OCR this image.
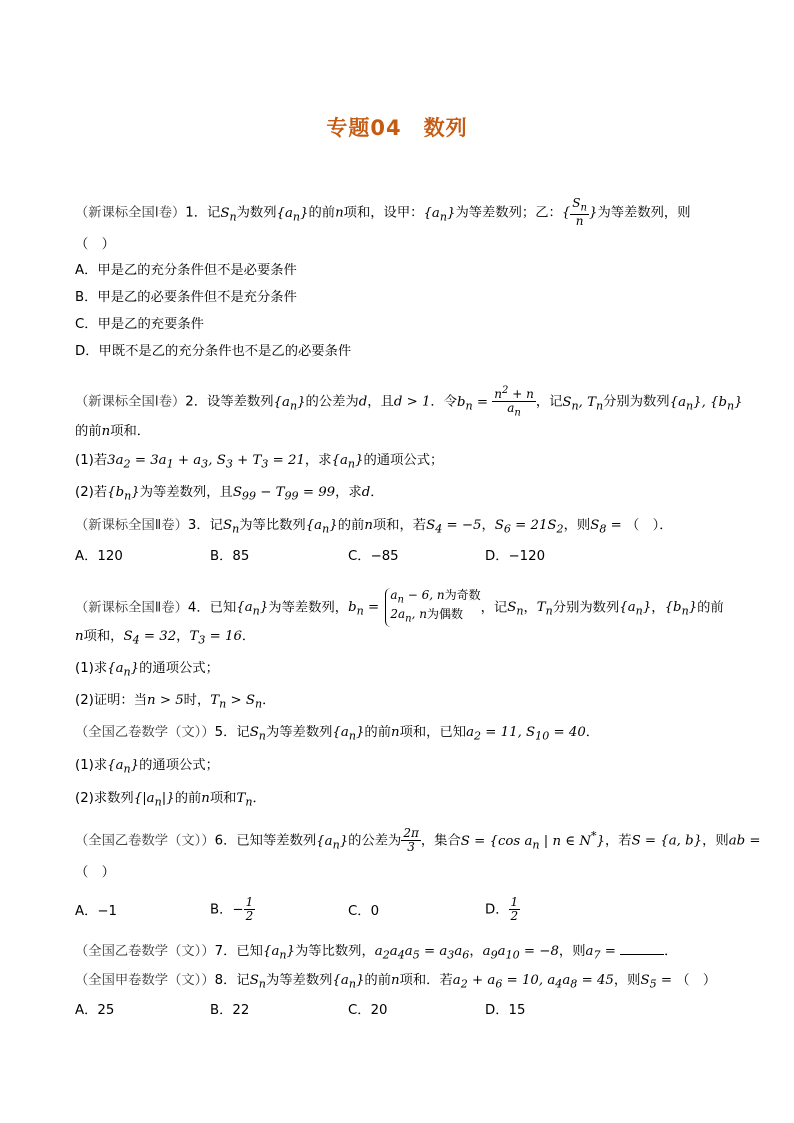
专题04　数列
（新课标全国Ⅰ卷）1．记$S_n$为数列$\{a_n\}$的前n项和，设甲：$\{a_n\}$为等差数列；乙：{ $\frac{S_n}{n}$ }为等差数列，则
（　）
A．甲是乙的充分条件但不是必要条件
B．甲是乙的必要条件但不是充分条件
C．甲是乙的充要条件
D．甲既不是乙的充分条件也不是乙的必要条件
（新课标全国Ⅰ卷）2．设等差数列$\{a_n\}$的公差为d，且d > 1．令$b_n = \frac{n^2 + n}{a_n}$ ，记$S_n$, $T_n$分别为数列$\{a_n\}$, $\{b_n\}$
的前n项和．
(1)若$3a_2 = 3a_1 + a_3$, $S_3 + T_3 = 21$，求$\{a_n\}$的通项公式；
(2)若$\{b_n\}$为等差数列，且$S_{99} - T_{99} = 99$，求d．
（新课标全国Ⅱ卷）3．记$S_n$为等比数列$\{a_n\}$的前n项和，若$S_4 = -5$，$S_6 = 21S_2$，则$S_8$ = （　）．
A．120	B．85	C．−85	D．−120
（新课标全国Ⅱ卷）4．已知$\{a_n\}$为等差数列，$b_n = a_n - 6$, n为奇数
$2a_n$, n为偶数 ，记$S_n$，$T_n$分别为数列$\{a_n\}$，$\{b_n\}$的前
n项和，$S_4 = 32$，$T_3 = 16$．
(1)求$\{a_n\}$的通项公式；
(2)证明：当n > 5时，$T_n > S_n$．
（全国乙卷数学（文））5．记$S_n$为等差数列$\{a_n\}$的前n项和，已知$a_2 = 11$, $S_{10} = 40$．
(1)求$\{a_n\}$的通项公式；
(2)求数列$\{|a_n|\}$的前n项和$T_n$．
（全国乙卷数学（文））6．已知等差数列$\{a_n\}$的公差为 $\frac{2\pi}{3}$ ，集合S = {cos $a_n$ | n ∈ N*}，若S = {a, b}，则ab =
（　）
A．−1	B．− $\frac{1}{2}$	C．0	D． $\frac{1}{2}$
（全国乙卷数学（文））7．已知$\{a_n\}$为等比数列，$a_2a_4a_5 = a_3a_6$，$a_9a_{10} = -8$，则$a_7$ =	．
（全国甲卷数学（文））8．记$S_n$为等差数列$\{a_n\}$的前n项和．若$a_2 + a_6 = 10$, $a_4a_8 = 45$，则$S_5$ = （　）
A．25	B．22	C．20	D．15
